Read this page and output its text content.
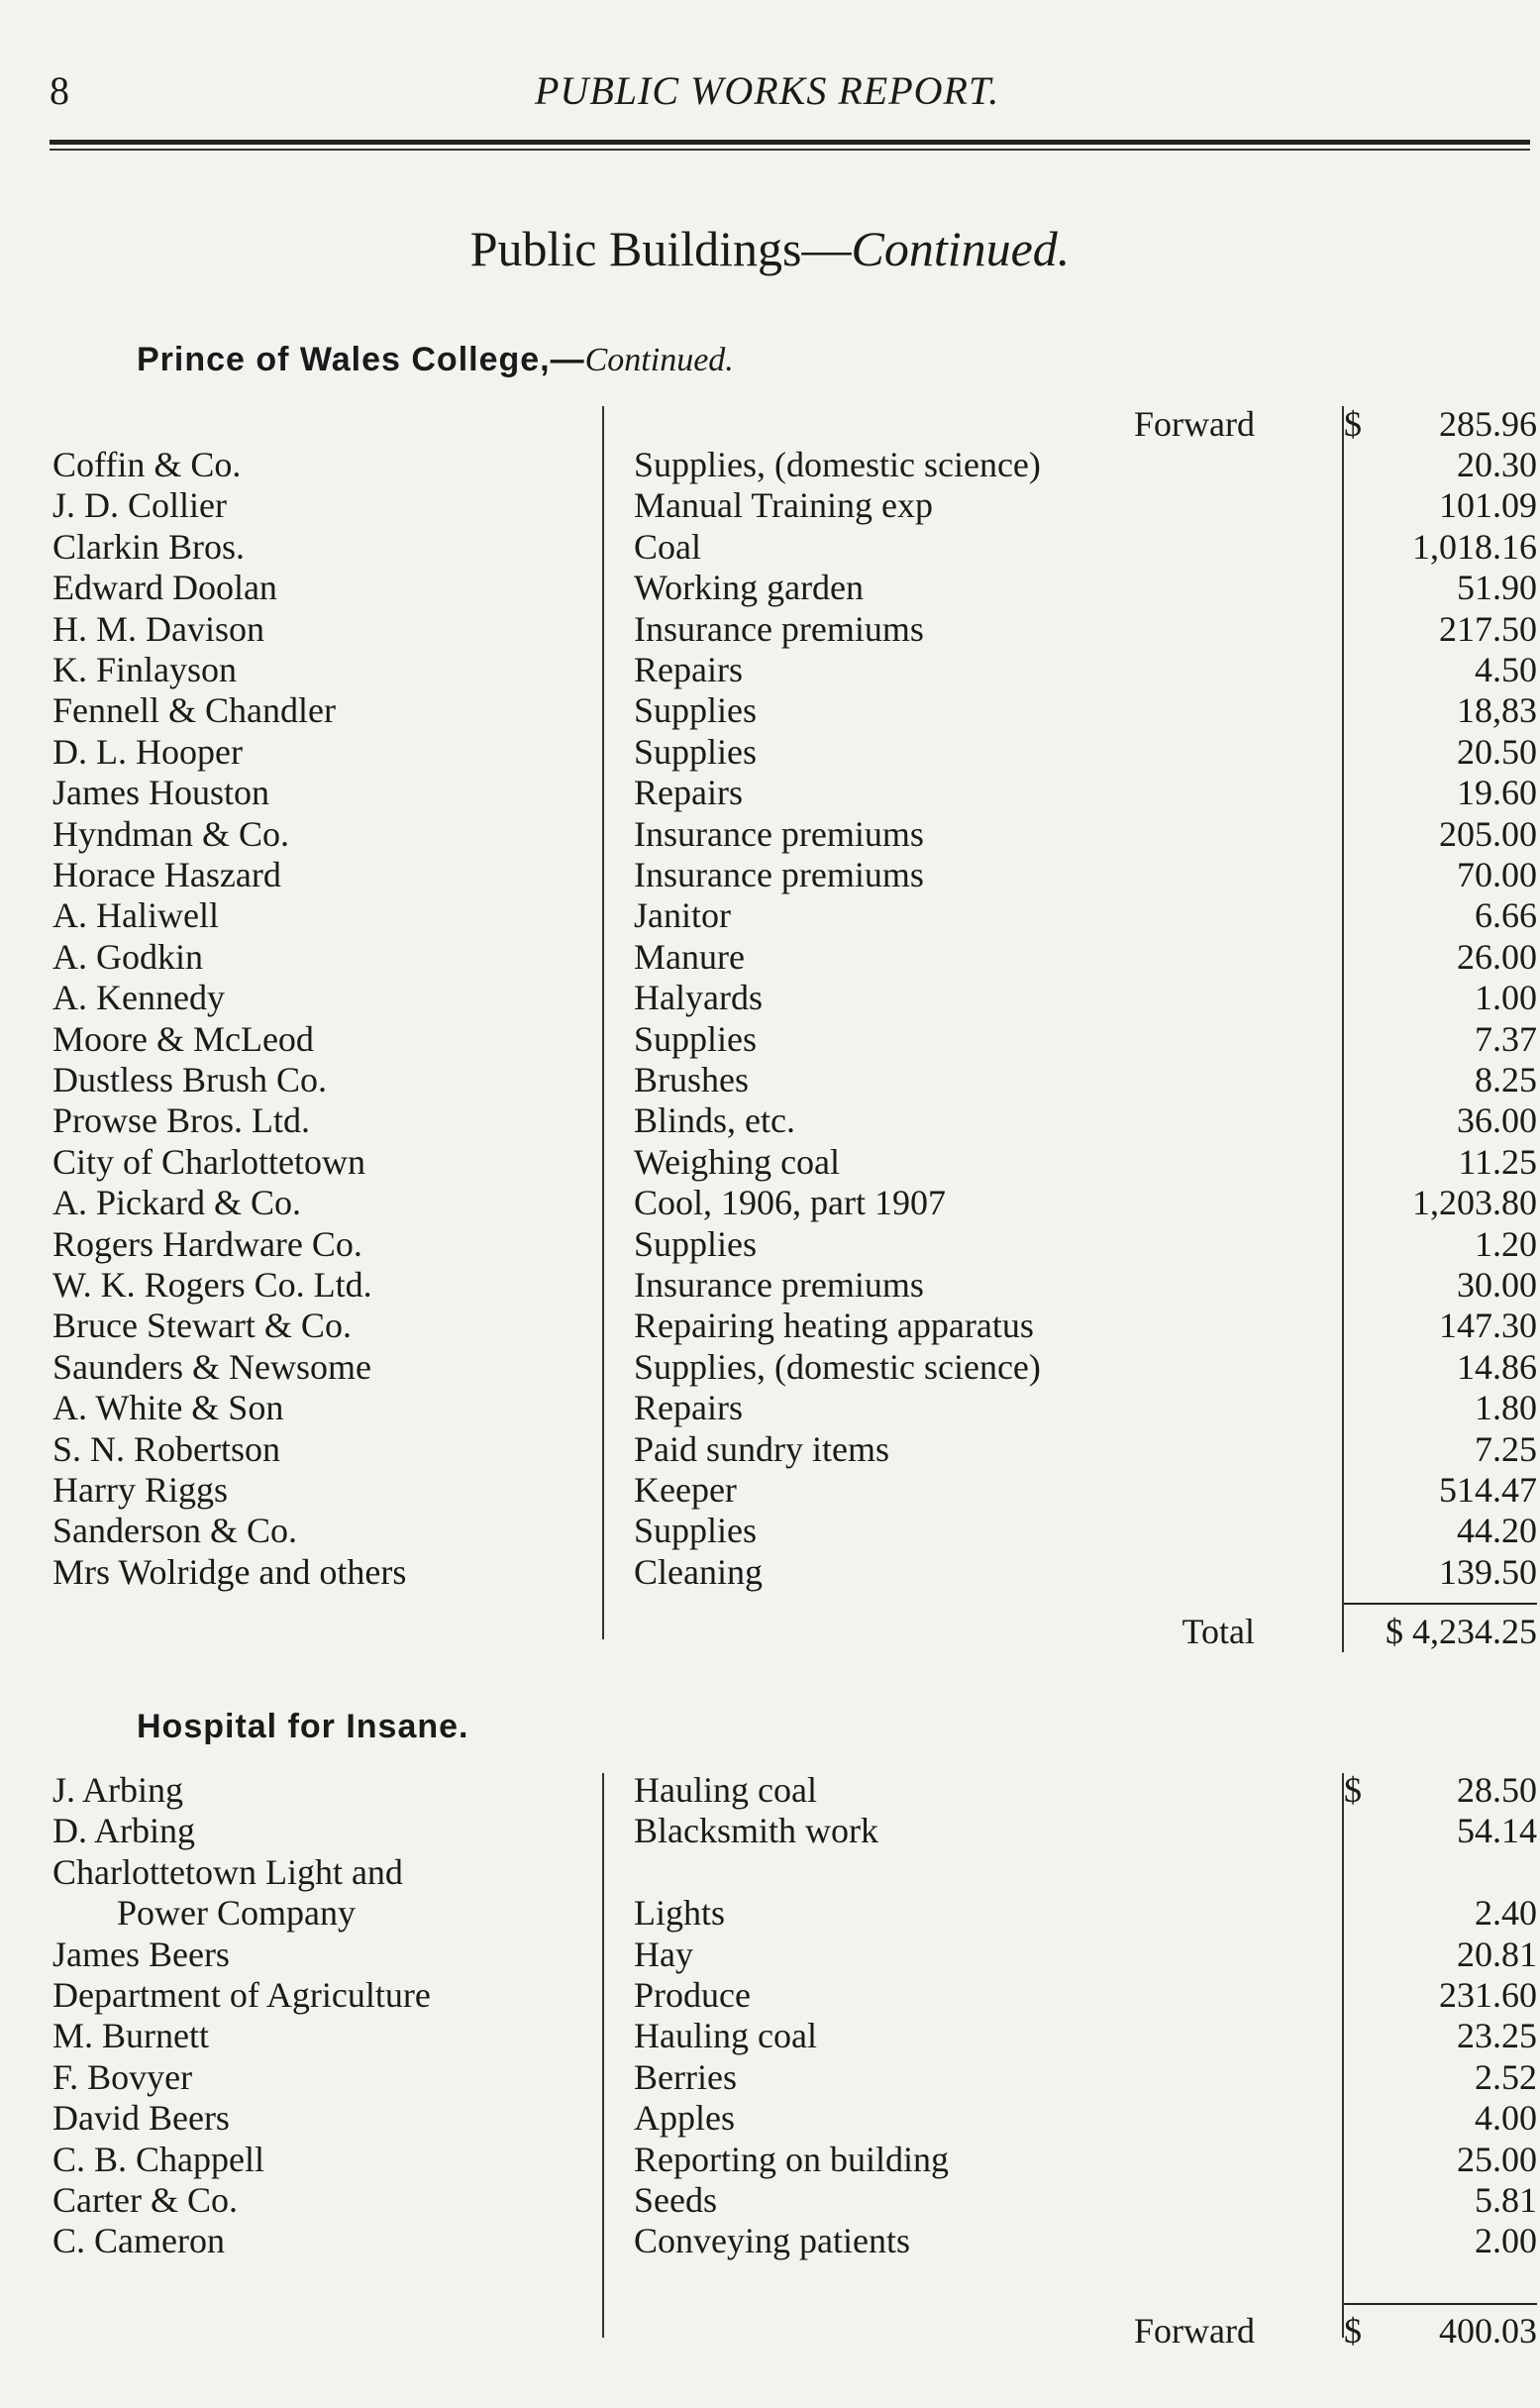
8	PUBLIC WORKS REPORT.
Public Buildings—Continued.
Prince of Wales College,—Continued.
Forward	$	285.96
Coffin & Co.	Supplies, (domestic science)	20.30
J. D. Collier	Manual Training exp	101.09
Clarkin Bros.	Coal	1,018.16
Edward Doolan	Working garden	51.90
H. M. Davison	Insurance premiums	217.50
K. Finlayson	Repairs	4.50
Fennell & Chandler	Supplies	18,83
D. L. Hooper	Supplies	20.50
James Houston	Repairs	19.60
Hyndman & Co.	Insurance premiums	205.00
Horace Haszard	Insurance premiums	70.00
A. Haliwell	Janitor	6.66
A. Godkin	Manure	26.00
A. Kennedy	Halyards	1.00
Moore & McLeod	Supplies	7.37
Dustless Brush Co.	Brushes	8.25
Prowse Bros. Ltd.	Blinds, etc.	36.00
City of Charlottetown	Weighing coal	11.25
A. Pickard & Co.	Cool, 1906, part 1907	1,203.80
Rogers Hardware Co.	Supplies	1.20
W. K. Rogers Co. Ltd.	Insurance premiums	30.00
Bruce Stewart & Co.	Repairing heating apparatus	147.30
Saunders & Newsome	Supplies, (domestic science)	14.86
A. White & Son	Repairs	1.80
S. N. Robertson	Paid sundry items	7.25
Harry Riggs	Keeper	514.47
Sanderson & Co.	Supplies	44.20
Mrs Wolridge and others	Cleaning	139.50
Total	$ 4,234.25
Hospital for Insane.
$
J. Arbing	Hauling coal	28.50
D. Arbing	Blacksmith work	54.14
Charlottetown Light and
Power Company	Lights	2.40
James Beers	Hay	20.81
Department of Agriculture	Produce	231.60
M. Burnett	Hauling coal	23.25
F. Bovyer	Berries	2.52
David Beers	Apples	4.00
C. B. Chappell	Reporting on building	25.00
Carter & Co.	Seeds	5.81
C. Cameron	Conveying patients	2.00
Forward	$	400.03
